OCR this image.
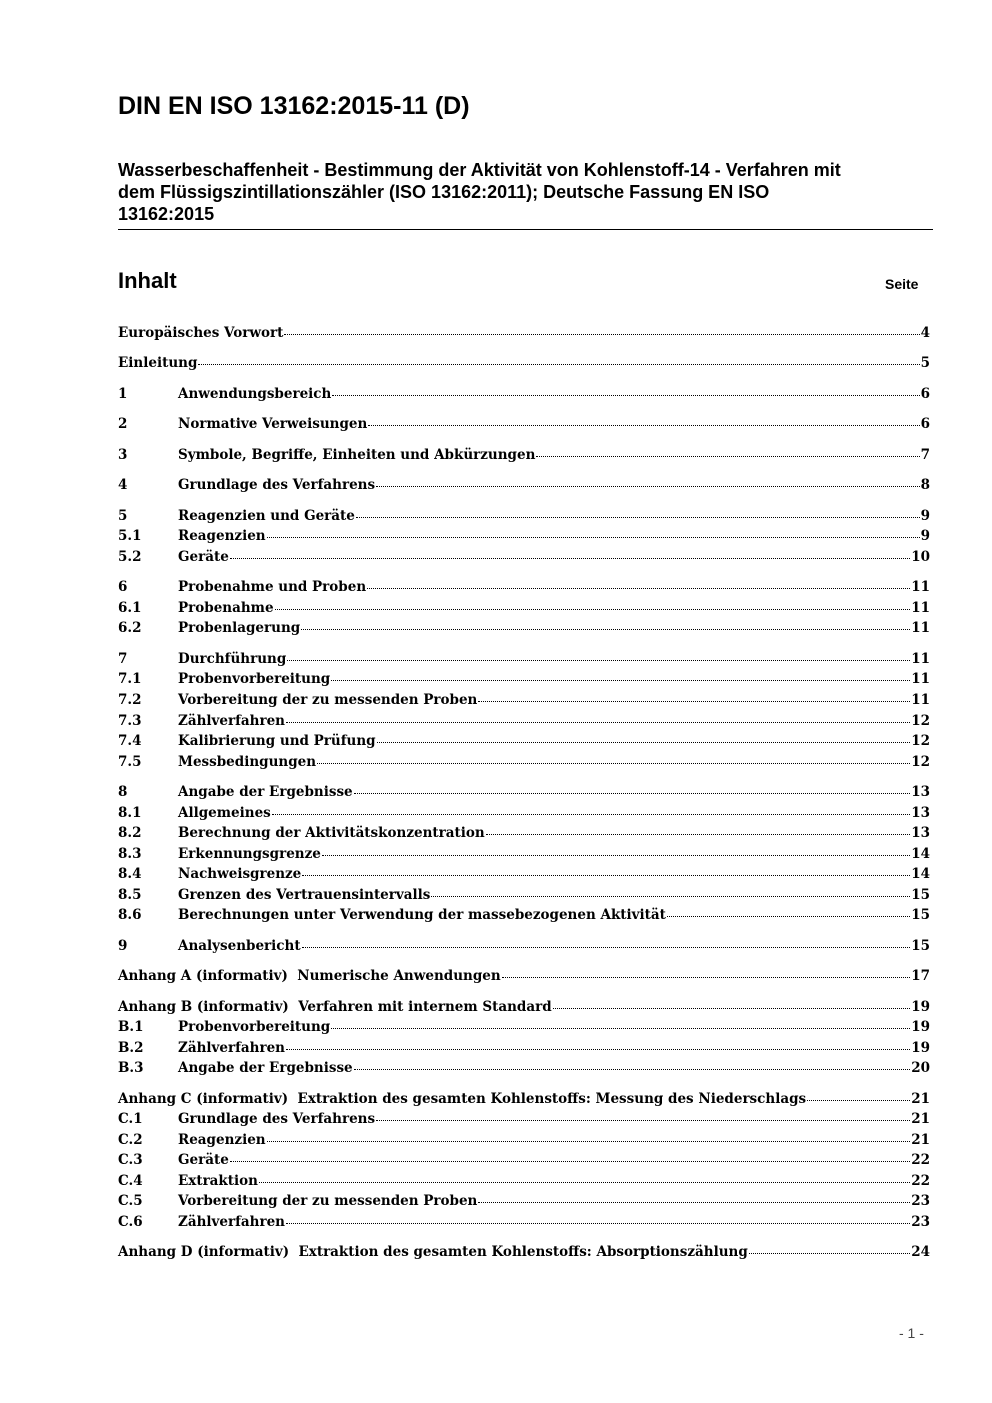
DIN EN ISO 13162:2015-11 (D)
Wasserbeschaffenheit - Bestimmung der Aktivität von Kohlenstoff-14 - Verfahren mit
dem Flüssigszintillationszähler (ISO 13162:2011); Deutsche Fassung EN ISO
13162:2015
Inhalt	Seite
Europäisches Vorwort	4
Einleitung	5
1	Anwendungsbereich	6
2	Normative Verweisungen	6
3	Symbole, Begriffe, Einheiten und Abkürzungen	7
4	Grundlage des Verfahrens	8
5	Reagenzien und Geräte	9
5.1	Reagenzien	9
5.2	Geräte	10
6	Probenahme und Proben	11
6.1	Probenahme	11
6.2	Probenlagerung	11
7	Durchführung	11
7.1	Probenvorbereitung	11
7.2	Vorbereitung der zu messenden Proben	11
7.3	Zählverfahren	12
7.4	Kalibrierung und Prüfung	12
7.5	Messbedingungen	12
8	Angabe der Ergebnisse	13
8.1	Allgemeines	13
8.2	Berechnung der Aktivitätskonzentration	13
8.3	Erkennungsgrenze	14
8.4	Nachweisgrenze	14
8.5	Grenzen des Vertrauensintervalls	15
8.6	Berechnungen unter Verwendung der massebezogenen Aktivität	15
9	Analysenbericht	15
Anhang A (informativ)  Numerische Anwendungen	17
Anhang B (informativ)  Verfahren mit internem Standard	19
B.1	Probenvorbereitung	19
B.2	Zählverfahren	19
B.3	Angabe der Ergebnisse	20
Anhang C (informativ)  Extraktion des gesamten Kohlenstoffs: Messung des Niederschlags	21
C.1	Grundlage des Verfahrens	21
C.2	Reagenzien	21
C.3	Geräte	22
C.4	Extraktion	22
C.5	Vorbereitung der zu messenden Proben	23
C.6	Zählverfahren	23
Anhang D (informativ)  Extraktion des gesamten Kohlenstoffs: Absorptionszählung	24
- 1 -
